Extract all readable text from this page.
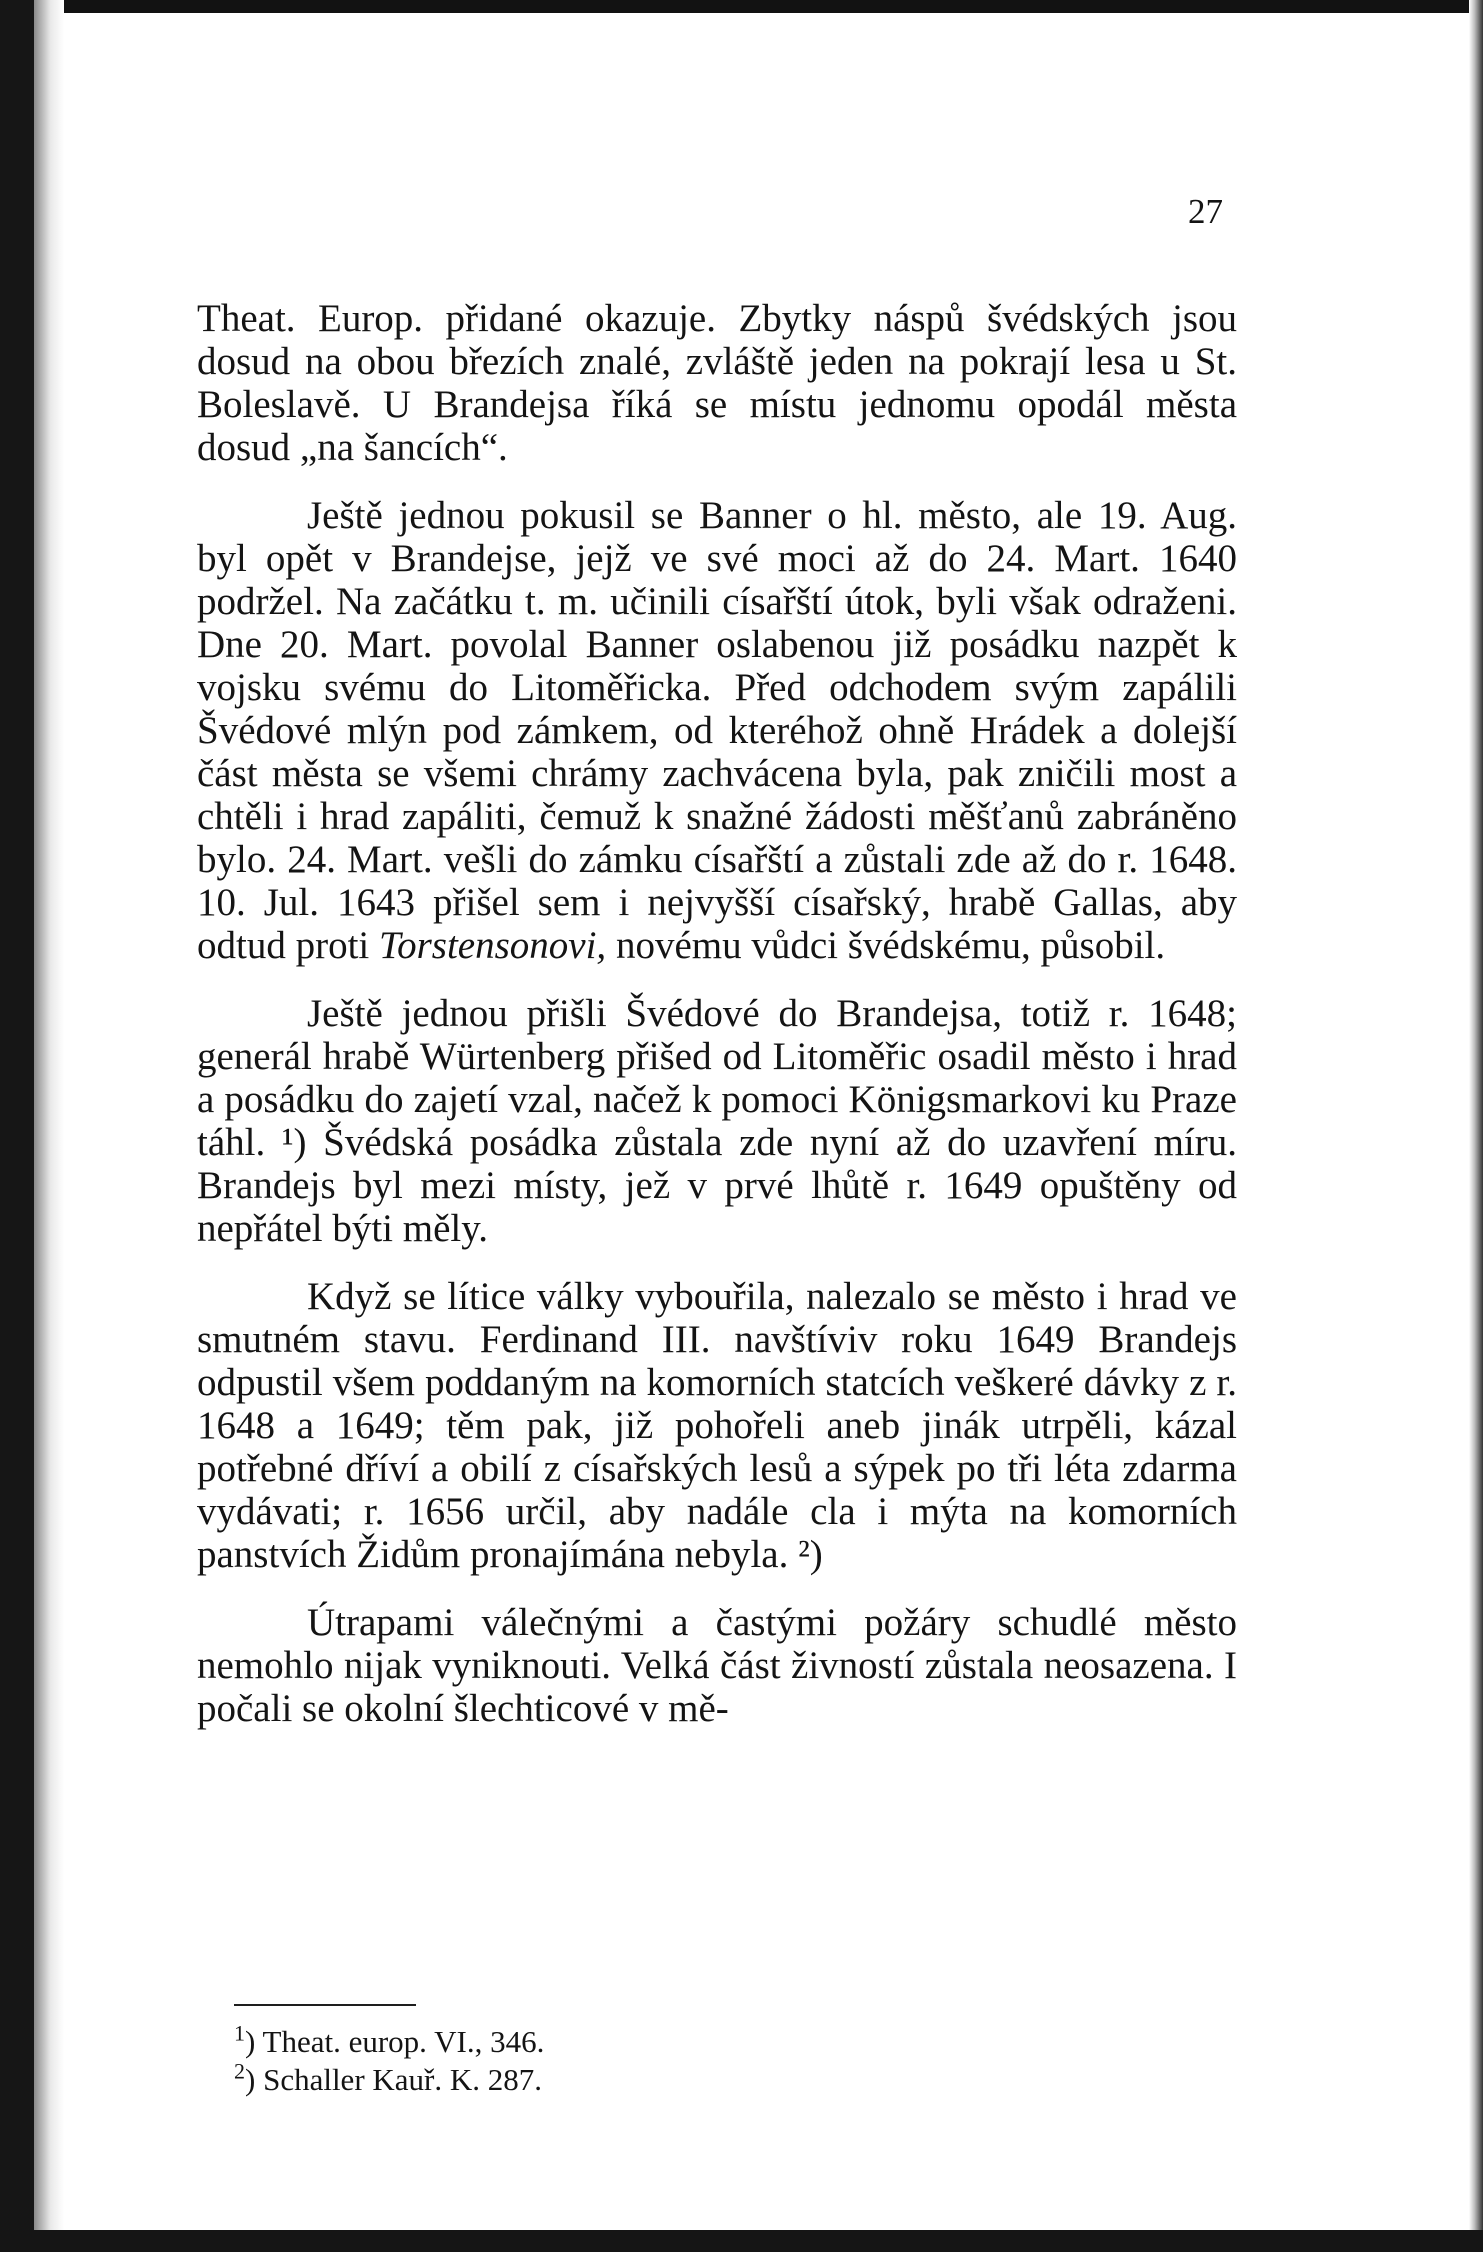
27

Theat. Europ. přidané okazuje. Zbytky náspů švédských jsou dosud na obou březích znalé, zvláště jeden na pokrají lesa u St. Boleslavě. U Brandejsa říká se místu jednomu opodál města dosud „na šancích“.

Ještě jednou pokusil se Banner o hl. město, ale 19. Aug. byl opět v Brandejse, jejž ve své moci až do 24. Mart. 1640 podržel. Na začátku t. m. učinili císařští útok, byli však odraženi. Dne 20. Mart. povolal Banner oslabenou již posádku nazpět k vojsku svému do Litoměřicka. Před odchodem svým zapálili Švédové mlýn pod zámkem, od kteréhož ohně Hrádek a dolejší část města se všemi chrámy zachvácena byla, pak zničili most a chtěli i hrad zapáliti, čemuž k snažné žádosti měšťanů zabráněno bylo. 24. Mart. vešli do zámku císařští a zůstali zde až do r. 1648. 10. Jul. 1643 přišel sem i nejvyšší císařský, hrabě Gallas, aby odtud proti Torstensonovi, novému vůdci švédskému, působil.

Ještě jednou přišli Švédové do Brandejsa, totiž r. 1648; generál hrabě Würtenberg přišed od Litoměřic osadil město i hrad a posádku do zajetí vzal, načež k pomoci Königsmarkovi ku Praze táhl. ¹) Švédská posádka zůstala zde nyní až do uzavření míru. Brandejs byl mezi místy, jež v prvé lhůtě r. 1649 opuštěny od nepřátel býti měly.

Když se lítice války vybouřila, nalezalo se město i hrad ve smutném stavu. Ferdinand III. navštíviv roku 1649 Brandejs odpustil všem poddaným na komorních statcích veškeré dávky z r. 1648 a 1649; těm pak, již pohořeli aneb jinák utrpěli, kázal potřebné dříví a obilí z císařských lesů a sýpek po tři léta zdarma vydávati; r. 1656 určil, aby nadále cla i mýta na komorních panstvích Židům pronajímána nebyla. ²)

Útrapami válečnými a častými požáry schudlé město nemohlo nijak vyniknouti. Velká část živností zůstala neosazena. I počali se okolní šlechticové v mě-

$^1$) Theat. europ. VI., 346.

$^2$) Schaller Kauř. K. 287.
